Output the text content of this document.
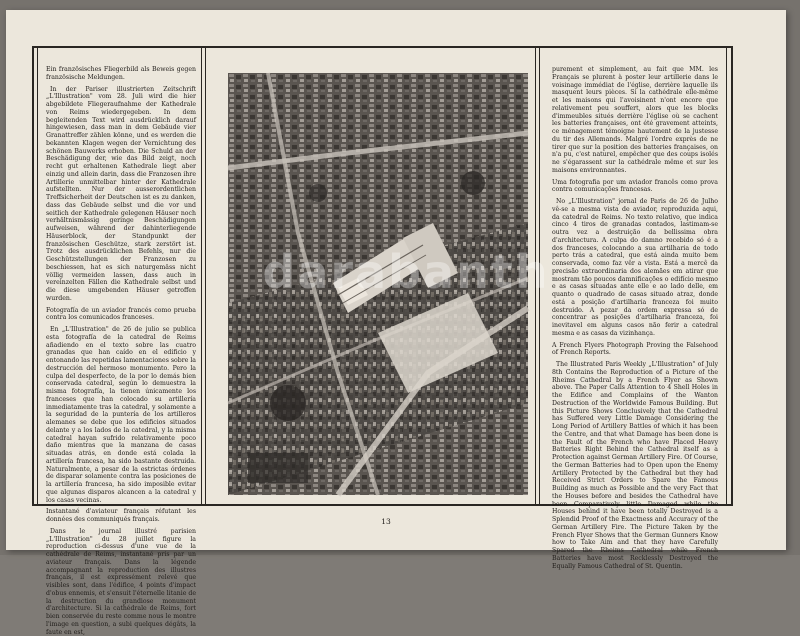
Ein französisches Fliegerbild als Beweis gegen französische Meldungen.

In der Pariser illustrierten Zeitschrift „L'Illustration" vom 28. Juli wird die hier abgebildete Fliegeraufnahme der Kathedrale von Reims wiedergegeben. In dem begleitenden Text wird ausdrücklich darauf hingewiesen, dass man in dem Gebäude vier Granattreffer zählen könne, und es werden die bekannten Klagen wegen der Vernichtung des schönen Bauwerks erhoben. Die Schuld an der Beschädigung der, wie das Bild zeigt, noch recht gut erhaltenen Kathedrale liegt aber einzig und allein darin, dass die Franzosen ihre Artillerie unmittelbar hinter der Kathedrale aufstellten. Nur der ausserordentlichen Treffsicherheit der Deutschen ist es zu danken, dass das Gebäude selbst und die vor und seitlich der Kathedrale gelegenen Häuser noch verhältnismässig geringe Beschädigungen aufweisen, während der dahinterliegende Häuserblock, der Standpunkt der französischen Geschütze, stark zerstört ist. Trotz des ausdrücklichen Befehls, nur die Geschützstellungen der Franzosen zu beschiessen, hat es sich naturgemäss nicht völlig vermeiden lassen, dass auch in vereinzelten Fällen die Kathedrale selbst und die diese umgebenden Häuser getroffen wurden.

Fotografía de un aviador francés como prueba contra los comunicados franceses.

En „L'Illustration" de 26 de julio se publica esta fotografía de la catedral de Reims añadiendo en el texto sobre las cuatro granadas que han caído en el edificio y entonando las repetidas lamentaciones sobre la destrucción del hermoso monumento. Pero la culpa del desperfecto, de la por lo demás bien conservada catedral, según lo demuestra la misma fotografía, la tienen únicamente los franceses que han colocado su artillería inmediatamente tras la catedral, y solamente a la seguridad de la puntería de los artilleros alemanes se debe que los edificios situados delante y a los lados de la catedral, y la misma catedral hayan sufrido relativamente poco daño mientras que la manzana de casas situadas atrás, en donde está colada la artillería francesa, ha sido bastante destruida. Naturalmente, a pesar de la estrictas órdenes de disparar solamente contra las posiciones de la artillería francesa, ha sido imposible evitar que algunas disparos alcancen a la catedral y los casas vecinas.

Instantané d'aviateur français réfutant les données des communiqués français.

Dans le journal illustré parisien „L'Illustration" du 28 juillet figure la reproduction ci-dessus d'une vue de la cathédrale de Reims, instantané pris par un aviateur français. Dans la légende accompagnant la reproduction des illustres français, il est expressément relevé que visibles sont, dans l'édifice, 4 points d'impact d'obus ennemis, et s'ensuit l'éternelle litanie de la destruction du grandiose monument d'architecture. Si la cathédrale de Reims, fort bien conservée du reste comme nous le montre l'image en question, a subi quelques dégâts, la faute en est,

darabanth

purement et simplement, au fait que MM. les Français se plurent à poster leur artillerie dans le voisinage immédiat de l'église, derrière laquelle ils masquent leurs pièces. Si la cathédrale elle-même et les maisons qui l'avoisinent n'ont encore que relativement peu souffert, alors que les blocks d'immeubles situés derrière l'église où se cachent les batteries françaises, ont été gravement atteints, ce ménagement témoigne hautement de la justesse du tir des Allemands. Malgré l'ordre exprès de ne tirer que sur la position des batteries françaises, on n'a pu, c'est naturel, empêcher que des coups isolés ne s'égarassent sur la cathédrale même et sur les maisons environnantes.

Uma fotografia por um aviador francês como prova contra comunicações francesas.

No „L'Illustration" jornal de Paris de 26 de Julho vê-se a mesma vista de aviador, reproduzida aqui, da catedral de Reims. No texto relativo, que indica cinco 4 tiros de granadas contados, lastimam-se outra vez a destruição da bellissima obra d'architectura. A culpa do damno recebido só é a dos franceses, colocando a sua artilharia de todo perto trás a catedral, que está ainda muito bem conservada, como faz vêr a vista. Está a mercê da precisão extraordinaria dos alemães em atirar que mostram tão poucos damnificações o edifício mesmo e as casas situadas ante elle e ao lado delle, em quanto o quadrado de casas situado atraz, donde está a posição d'artilharia franceza foi muito destruido. A pezar da ordem expressa só de concentrar as posições d'artilharia franceza, foi inevitavel em alguns casos não ferir a catedral mesma e as casas da vizinhança.

A French Flyers Photograph Proving the Falsehood of French Reports.

The Illustrated Paris Weekly „L'Illustration" of July 8th Contains the Reproduction of a Picture of the Rheims Cathedral by a French Flyer as Shown above. The Paper Calls Attention to 4 Shell Holes in the Edifice and Complains of the Wanton Destruction of the Worldwide Famous Building. But this Picture Shows Conclusively that the Cathedral has Suffered very Little Damage Considering the Long Period of Artillery Battles of which it has been the Centre, and that what Damage has been done is the Fault of the French who have Placed Heavy Batteries Right Behind the Cathedral itself as a Protection against German Artillery Fire. Of Course, the German Batteries had to Open upon the Enemy Artillery Protected by the Cathedral but they had Received Strict Orders to Spare the Famous Building as much as Possible and the very Fact that the Houses before and besides the Cathedral have been Comparatively little Damaged while the Houses behind it have been totally Destroyed is a Splendid Proof of the Exactness and Accuracy of the German Artillery Fire. The Picture Taken by the French Flyer Shows that the German Gunners Know how to Take Aim and that they have Carefully Spared the Rheims Cathedral while French Batteries have most Recklessly Destroyed the Equally Famous Cathedral of St. Quentin.

13
